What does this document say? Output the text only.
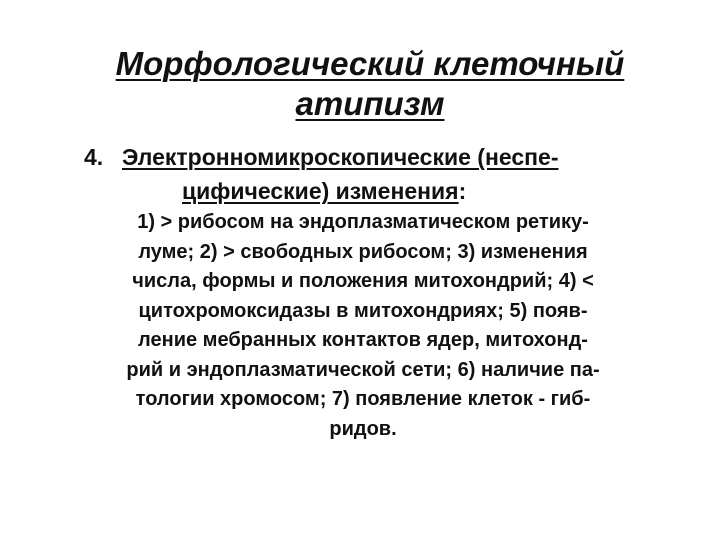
Морфологический клеточный
атипизм
4. Электронномикроскопические (неспе-
цифические) изменения:
1) > рибосом на эндоплазматическом ретику-
луме; 2) > свободных рибосом; 3) изменения
числа, формы и положения митохондрий; 4) <
цитохромоксидазы в митохондриях; 5) появ-
ление мебранных контактов ядер, митохонд-
рий и эндоплазматической сети; 6) наличие па-
тологии хромосом; 7) появление клеток - гиб-
ридов.
